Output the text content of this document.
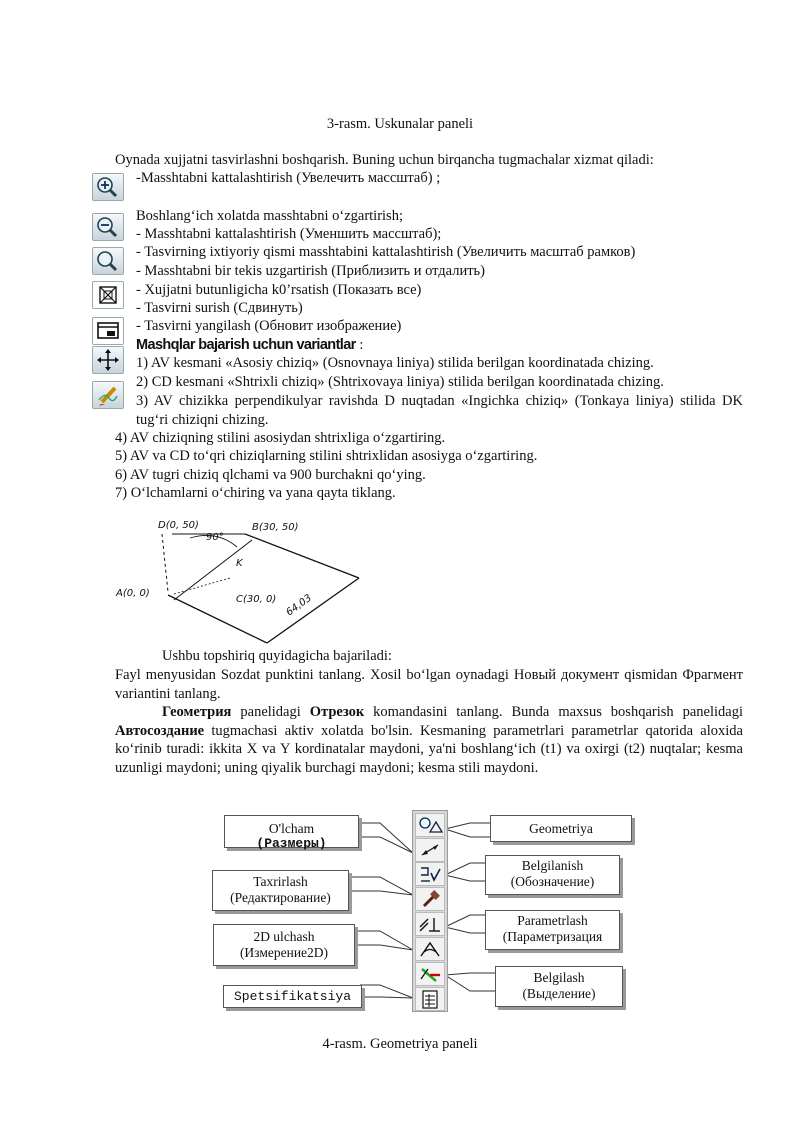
3-rasm. Uskunalar paneli
Oynada xujjatni tasvirlashni boshqarish. Buning uchun birqancha tugmachalar xizmat qiladi:
-Masshtabni kattalashtirish (Увелечить массштаб) ;
Boshlang‘ich xolatda masshtabni o‘zgartirish;
- Masshtabni kattalashtirish (Уменшить массштаб);
- Tasvirning ixtiyoriy qismi masshtabini kattalashtirish (Увеличить масштаб рамков)
- Masshtabni bir tekis uzgartirish (Приблизить и отдалить)
- Xujjatni butunligicha k0’rsatish (Показать все)
- Tasvirni surish (Сдвинуть)
- Tasvirni yangilash (Обновит изображение)
Mashqlar bajarish uchun variantlar :
1) AV kesmani «Asosiy chiziq» (Osnovnaya liniya) stilida berilgan koordinatada chizing.
2) CD kesmani «Shtrixli chiziq» (Shtrixovaya liniya) stilida berilgan koordinatada chizing.
3) AV chizikka perpendikulyar ravishda D nuqtadan «Ingichka chiziq» (Tonkaya liniya) stilida DK tug‘ri chiziqni chizing.
4) AV chiziqning stilini asosiydan shtrixliga o‘zgartiring.
5) AV va CD to‘qri chiziqlarning stilini shtrixlidan asosiyga o‘zgartiring.
6) AV tugri chiziq qlchami va 900 burchakni qo‘ying.
7) O‘lchamlarni o‘chiring va yana qayta tiklang.
D(0, 50)	B(30, 50)
90°
K
A(0, 0)
C(30, 0) 64,03
Ushbu topshiriq quyidagicha bajariladi:
Fayl menyusidan Sozdat punktini tanlang. Xosil bo‘lgan oynadagi Новый документ qismidan Фрагмент variantini tanlang.
Геометрия panelidagi Отрезок komandasini tanlang. Bunda maxsus boshqarish panelidagi Автосоздание tugmachasi aktiv xolatda bo'lsin. Kesmaning parametrlari parametrlar qatorida aloxida ko‘rinib turadi: ikkita X va Y kordinatalar maydoni, ya'ni boshlang‘ich (t1) va oxirgi (t2) nuqtalar; kesma uzunligi maydoni; uning qiyalik burchagi maydoni; kesma stili maydoni.
O'lcham
(Размеры)
Taxrirlash
(Редактирование)
2D ulchash
(Измерение2D)
Spetsifikatsiya
Geometriya
Belgilanish
(Обозначение)
Parametrlash
(Параметризация
Belgilash
(Выделение)
4-rasm. Geometriya paneli
